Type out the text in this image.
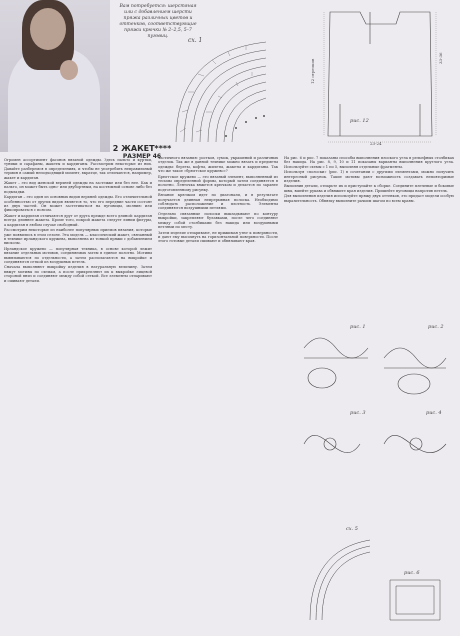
Вам потребуется: шерстяная или с добавлением шерсти пряжа различных цветов и оттенков, соответствующие пряжи крючки № 2–2,5, 5–7 пуговиц.
сх. 1
12 отрезков
23-24
33-36
рис. 12
2 ЖАКЕТ****
РАЗМЕР 46

Огромен ассортимент фасонов вязаной одежды. Здесь пальто и куртки, туники и сарафаны, жакеты и кардиганы. Рассмотрим некоторые из них. Давайте разберемся в определениях, и чтобы не употребить неправильный термин в самый неподходящий момент, вкратце, так отличаются, например, жакет и кардиган.

Жакет – это вид женской верхней одежды на застежке или без нее. Как и пальто, он может быть одно- или двубортным, на костюмной основе либо без подкладки.

Кардиган – это один из основных видов верхней одежды. Его отличительной особенностью от других видов является то, что его передние части состоят из двух частей. Он может застегиваться на пуговицы, молнию или фиксироваться с поясом.

Жакет и кардиган отличаются друг от друга прежде всего длиной: кардиган всегда длиннее жакета. Кроме того, покрой жакета следует линии фигуры, а кардиган в любом случае свободный.

Рассмотрим некоторые из наиболее популярных приемов вязания, которые уже появились в этом сезоне. Эта модель — классический жакет, связанный в технике ирландского кружева, выполнена из тонкой пряжи с добавлением вискозы.

Ирландское кружево — популярная техника, в основе которой лежит вязание отдельных мотивов, соединяемых затем в единое полотно. Мотивы вывязываются по отдельности, а затем располагаются на выкройке и соединяются сеткой из воздушных петель.

Сначала выполняют выкройку изделия в натуральную величину. Затем вяжут мотивы по схемам, а после прикрепляют их к выкройке лицевой стороной вниз и соединяют между собой сеткой. Все элементы отпаривают и сшивают детали.

частичного вязания: ростков, сумок, украшений и различных отделок. Так же в данной технике можно вязать и предметы одежды: береты, кофты, жилеты, жакеты и кардиганы. Так что же такое «брюггское кружево»?

Брюггское кружево — это вязаный элемент, выполненный из тесьмы определенной формы, который затем соединяется в полотно. Ленточка вяжется крючком и делается по заранее подготовленному рисунку.

Вязание крючком идет по диагонали, и в результате получается длинная непрерывная полоска. Необходимо соблюдать расположение и плотность. Элементы соединяются воздушными петлями.

Отдельно связанные полоски выкладывают по контуру выкройки, закрепляют булавками, после чего соединяют между собой столбиками без накида или воздушными петлями по месту.

Затем изделие отпаривают, не прижимая утюг к поверхности, и дают ему высохнуть на горизонтальной поверхности. После этого готовые детали сшивают и обвязывают края.

На рис. 6 и рис. 7 показаны способы выполнения плоского угла в рельефных столбиках без накида. На рис. 8, 9, 10 и 11 показаны варианты выполнения круглого угла. Используйте схемы с 1 по 5, выполняя отдельные фрагменты.

Используя «полоски» (рис. 1) в сочетании с другими элементами, можно получить интересный рисунок. Такие мотивы дают возможность создавать неповторимые изделия.

Выполнив детали, отпарьте их и приступайте к сборке. Соедините плечевые и боковые швы, вшейте рукава и обвяжите края изделия. Пришейте пуговицы напротив петель.

Для выполнения изделия используйте пряжу двух оттенков, это придаст модели особую выразительность. Обвязку выполните рачьим шагом по всем краям.

рис. 1	рис. 2
рис. 3	рис. 4
сх. 5
рис. 6
